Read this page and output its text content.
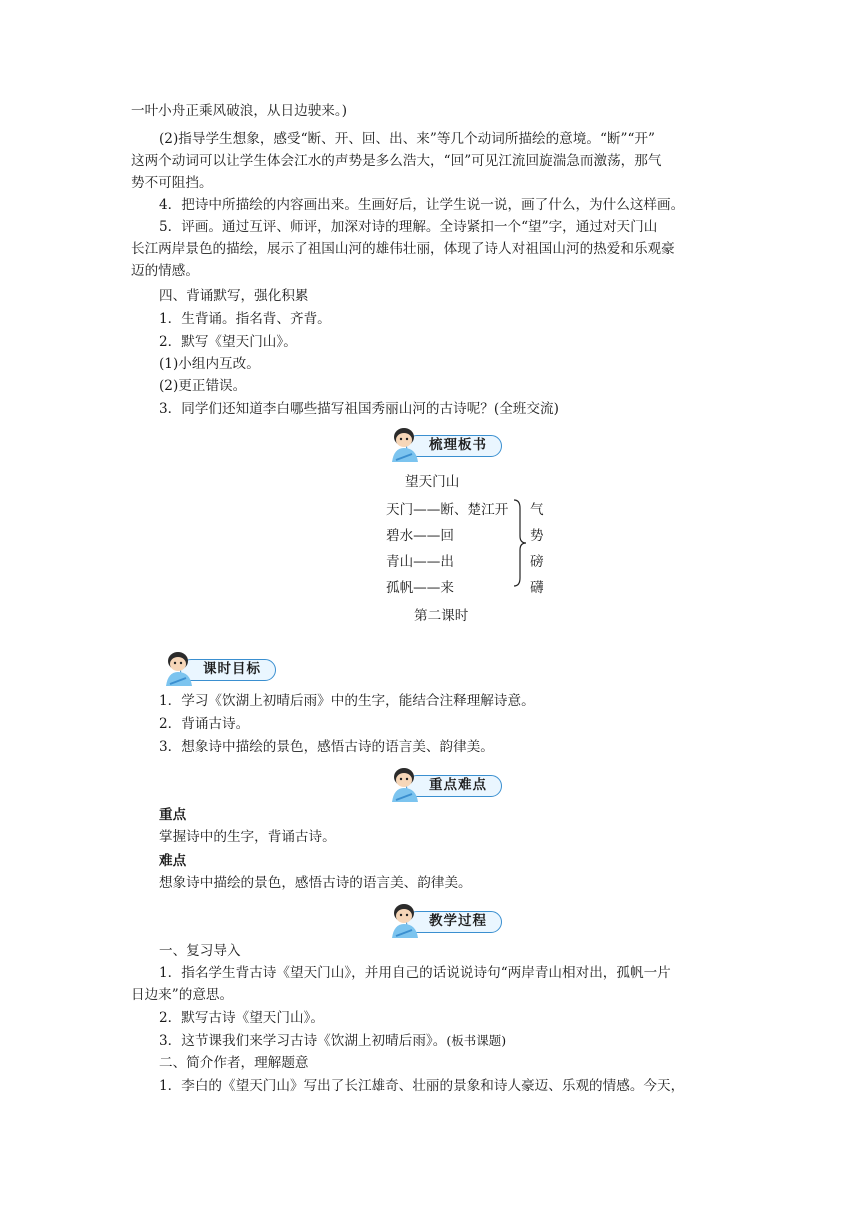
一叶小舟正乘风破浪，从日边驶来。)
(2)指导学生想象，感受“断、开、回、出、来”等几个动词所描绘的意境。“断”“开”
这两个动词可以让学生体会江水的声势是多么浩大，“回”可见江流回旋湍急而激荡，那气
势不可阻挡。
4．把诗中所描绘的内容画出来。生画好后，让学生说一说，画了什么，为什么这样画。
5．评画。通过互评、师评，加深对诗的理解。全诗紧扣一个“望”字，通过对天门山
长江两岸景色的描绘，展示了祖国山河的雄伟壮丽，体现了诗人对祖国山河的热爱和乐观豪
迈的情感。
四、背诵默写，强化积累
1．生背诵。指名背、齐背。
2．默写《望天门山》。
(1)小组内互改。
(2)更正错误。
3．同学们还知道李白哪些描写祖国秀丽山河的古诗呢？(全班交流)
梳理板书
望天门山
天门——断、楚江开
碧水——回
青山——出
孤帆——来
气
势
磅
礴
第二课时
课时目标
1．学习《饮湖上初晴后雨》中的生字，能结合注释理解诗意。
2．背诵古诗。
3．想象诗中描绘的景色，感悟古诗的语言美、韵律美。
重点难点
重点
掌握诗中的生字，背诵古诗。
难点
想象诗中描绘的景色，感悟古诗的语言美、韵律美。
教学过程
一、复习导入
1．指名学生背古诗《望天门山》，并用自己的话说说诗句“两岸青山相对出，孤帆一片
日边来”的意思。
2．默写古诗《望天门山》。
3．这节课我们来学习古诗《饮湖上初晴后雨》。(板书课题)
二、简介作者，理解题意
1．李白的《望天门山》写出了长江雄奇、壮丽的景象和诗人豪迈、乐观的情感。今天，
